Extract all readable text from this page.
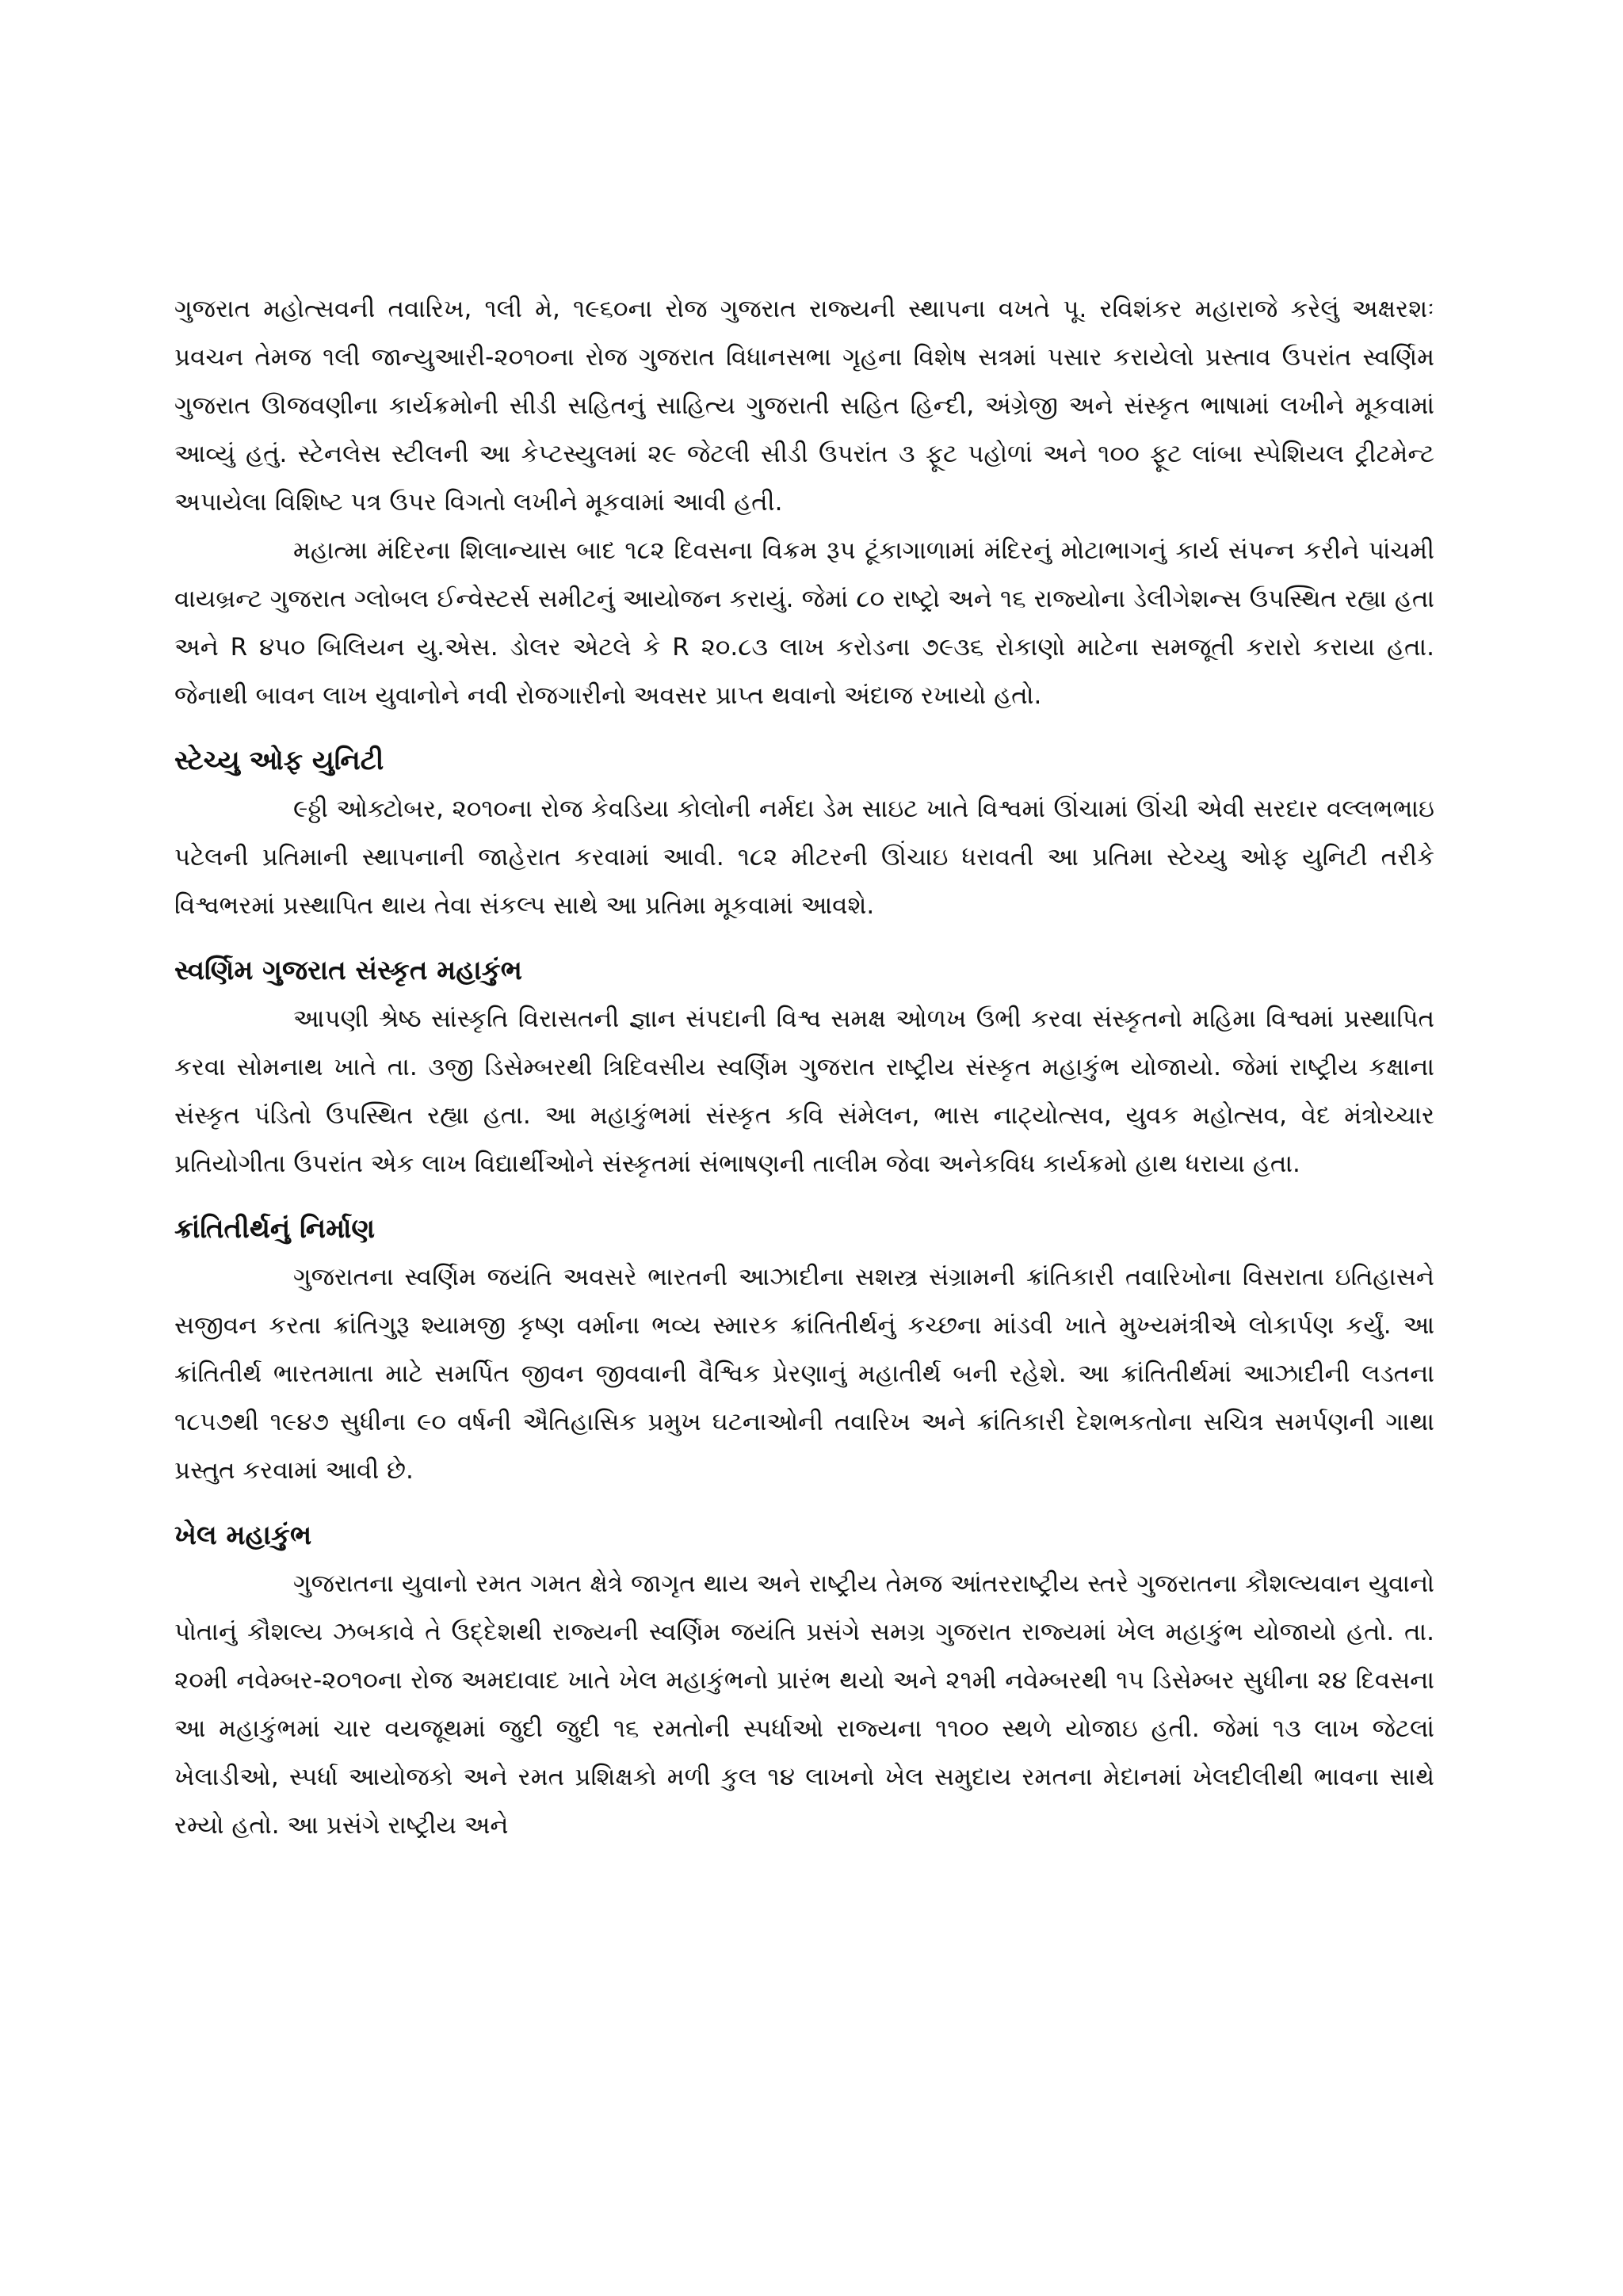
ગુજરાત મહોત્સવની તવારિખ, ૧લી મે, ૧૯૬૦ના રોજ ગુજરાત રાજ્યની સ્થાપના વખતે પૂ. રવિશંકર મહારાજે કરેલું અક્ષરશઃ પ્રવચન તેમજ ૧લી જાન્યુઆરી-૨૦૧૦ના રોજ ગુજરાત વિધાનસભા ગૃહના વિશેષ સત્રમાં પસાર કરાયેલો પ્રસ્તાવ ઉપરાંત સ્વર્ણિમ ગુજરાત ઊજવણીના કાર્યક્રમોની સીડી સહિતનું સાહિત્ય ગુજરાતી સહિત હિન્દી, અંગ્રેજી અને સંસ્કૃત ભાષામાં લખીને મૂકવામાં આવ્યું હતું. સ્ટેનલેસ સ્ટીલની આ કેપ્ટસ્યુલમાં ૨૯ જેટલી સીડી ઉપરાંત ૩ ફૂટ પહોળાં અને ૧૦૦ ફૂટ લાંબા સ્પેશિયલ ટ્રીટમેન્ટ અપાયેલા વિશિષ્ટ પત્ર ઉપર વિગતો લખીને મૂકવામાં આવી હતી.

મહાત્મા મંદિરના શિલાન્યાસ બાદ ૧૮૨ દિવસના વિક્રમ રૂપ ટૂંકાગાળામાં મંદિરનું મોટાભાગનું કાર્ય સંપન્ન કરીને પાંચમી વાયબ્રન્ટ ગુજરાત ગ્લોબલ ઈન્વેસ્ટર્સ સમીટનું આયોજન કરાયું. જેમાં ૮૦ રાષ્ટ્રો અને ૧૬ રાજ્યોના ડેલીગેશન્સ ઉપસ્થિત રહ્યા હતા અને R ૪૫૦ બિલિયન યુ.એસ. ડોલર એટલે કે R ૨૦.૮૩ લાખ કરોડના ૭૯૩૬ રોકાણો માટેના સમજૂતી કરારો કરાયા હતા. જેનાથી બાવન લાખ યુવાનોને નવી રોજગારીનો અવસર પ્રાપ્ત થવાનો અંદાજ રખાયો હતો.

સ્ટેચ્યુ ઓફ યુનિટી

૯ઠ્ઠી ઓક્ટોબર, ૨૦૧૦ના રોજ કેવડિયા કોલોની નર્મદા ડેમ સાઇટ ખાતે વિશ્વમાં ઊંચામાં ઊંચી એવી સરદાર વલ્લભભાઇ પટેલની પ્રતિમાની સ્થાપનાની જાહેરાત કરવામાં આવી. ૧૮૨ મીટરની ઊંચાઇ ધરાવતી આ પ્રતિમા સ્ટેચ્યુ ઓફ યુનિટી તરીકે વિશ્વભરમાં પ્રસ્થાપિત થાય તેવા સંકલ્પ સાથે આ પ્રતિમા મૂકવામાં આવશે.

સ્વર્ણિમ ગુજરાત સંસ્કૃત મહાકુંભ

આપણી શ્રેષ્ઠ સાંસ્કૃતિ વિરાસતની જ્ઞાન સંપદાની વિશ્વ સમક્ષ ઓળખ ઉભી કરવા સંસ્કૃતનો મહિમા વિશ્વમાં પ્રસ્થાપિત કરવા સોમનાથ ખાતે તા. ૩જી ડિસેમ્બરથી ત્રિદિવસીય સ્વર્ણિમ ગુજરાત રાષ્ટ્રીય સંસ્કૃત મહાકુંભ યોજાયો. જેમાં રાષ્ટ્રીય કક્ષાના સંસ્કૃત પંડિતો ઉપસ્થિત રહ્યા હતા. આ મહાકુંભમાં સંસ્કૃત કવિ સંમેલન, ભાસ નાટ્યોત્સવ, યુવક મહોત્સવ, વેદ મંત્રોચ્ચાર પ્રતિયોગીતા ઉપરાંત એક લાખ વિદ્યાર્થીઓને સંસ્કૃતમાં સંભાષણની તાલીમ જેવા અનેકવિધ કાર્યક્રમો હાથ ધરાયા હતા.

ક્રાંતિતીર્થનું નિર્માણ

ગુજરાતના સ્વર્ણિમ જયંતિ અવસરે ભારતની આઝાદીના સશસ્ત્ર સંગ્રામની ક્રાંતિકારી તવારિખોના વિસરાતા ઇતિહાસને સજીવન કરતા ક્રાંતિગુરૂ શ્યામજી કૃષ્ણ વર્માના ભવ્ય સ્મારક ક્રાંતિતીર્થનું કચ્છના માંડવી ખાતે મુખ્યમંત્રીએ લોકાર્પણ કર્યું. આ ક્રાંતિતીર્થ ભારતમાતા માટે સમર્પિત જીવન જીવવાની વૈશ્વિક પ્રેરણાનું મહાતીર્થ બની રહેશે. આ ક્રાંતિતીર્થમાં આઝાદીની લડતના ૧૮૫૭થી ૧૯૪૭ સુધીના ૯૦ વર્ષની ઐતિહાસિક પ્રમુખ ઘટનાઓની તવારિખ અને ક્રાંતિકારી દેશભકતોના સચિત્ર સમર્પણની ગાથા પ્રસ્તુત કરવામાં આવી છે.

ખેલ મહાકુંભ

ગુજરાતના યુવાનો રમત ગમત ક્ષેત્રે જાગૃત થાય અને રાષ્ટ્રીય તેમજ આંતરરાષ્ટ્રીય સ્તરે ગુજરાતના કૌશલ્યવાન યુવાનો પોતાનું કૌશલ્ય ઝબકાવે તે ઉદ્દેશથી રાજ્યની સ્વર્ણિમ જયંતિ પ્રસંગે સમગ્ર ગુજરાત રાજ્યમાં ખેલ મહાકુંભ યોજાયો હતો. તા. ૨૦મી નવેમ્બર-૨૦૧૦ના રોજ અમદાવાદ ખાતે ખેલ મહાકુંભનો પ્રારંભ થયો અને ૨૧મી નવેમ્બરથી ૧૫ ડિસેમ્બર સુધીના ૨૪ દિવસના આ મહાકુંભમાં ચાર વયજૂથમાં જુદી જુદી ૧૬ રમતોની સ્પર્ધાઓ રાજ્યના ૧૧૦૦ સ્થળે યોજાઇ હતી. જેમાં ૧૩ લાખ જેટલાં ખેલાડીઓ, સ્પર્ધા આયોજકો અને રમત પ્રશિક્ષકો મળી કુલ ૧૪ લાખનો ખેલ સમુદાય રમતના મેદાનમાં ખેલદીલીથી ભાવના સાથે રમ્યો હતો. આ પ્રસંગે રાષ્ટ્રીય અને
